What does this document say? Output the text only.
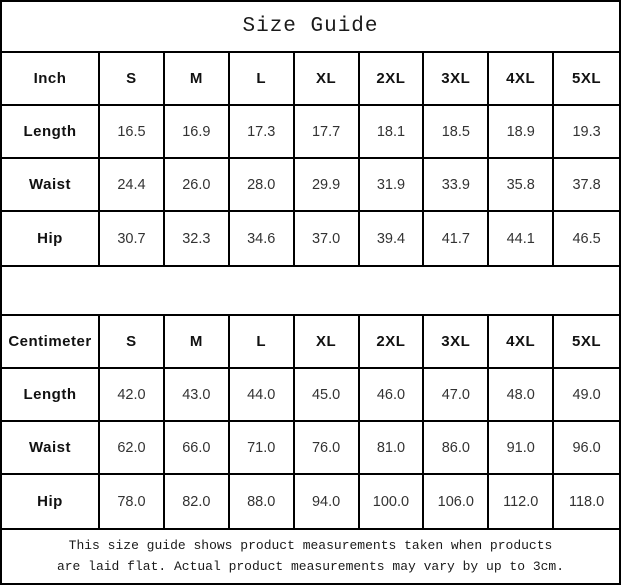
Size Guide
Inch	S	M	L	XL	2XL	3XL	4XL	5XL
Length	16.5	16.9	17.3	17.7	18.1	18.5	18.9	19.3
Waist	24.4	26.0	28.0	29.9	31.9	33.9	35.8	37.8
Hip	30.7	32.3	34.6	37.0	39.4	41.7	44.1	46.5
Centimeter	S	M	L	XL	2XL	3XL	4XL	5XL
Length	42.0	43.0	44.0	45.0	46.0	47.0	48.0	49.0
Waist	62.0	66.0	71.0	76.0	81.0	86.0	91.0	96.0
Hip	78.0	82.0	88.0	94.0	100.0	106.0	112.0	118.0
This size guide shows product measurements taken when products
are laid flat. Actual product measurements may vary by up to 3cm.
